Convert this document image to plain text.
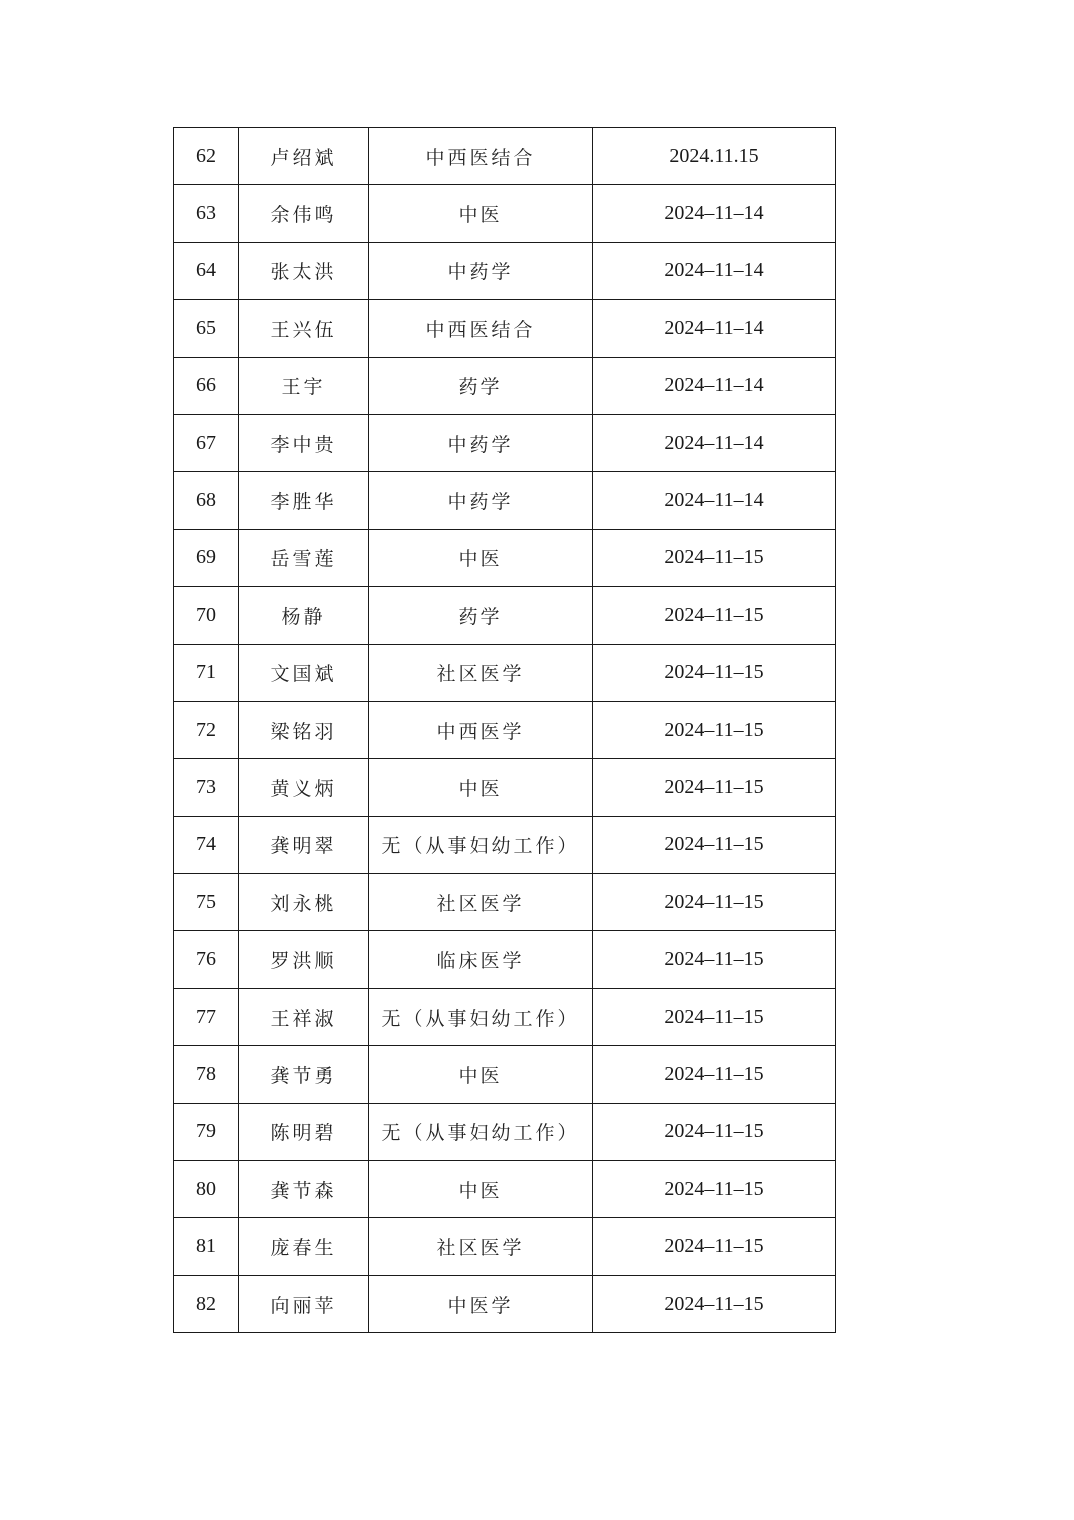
62	卢绍斌	中西医结合	2024.11.15
63	余伟鸣	中医	2024–11–14
64	张太洪	中药学	2024–11–14
65	王兴伍	中西医结合	2024–11–14
66	王宇	药学	2024–11–14
67	李中贵	中药学	2024–11–14
68	李胜华	中药学	2024–11–14
69	岳雪莲	中医	2024–11–15
70	杨静	药学	2024–11–15
71	文国斌	社区医学	2024–11–15
72	梁铭羽	中西医学	2024–11–15
73	黄义炳	中医	2024–11–15
74	龚明翠	无（从事妇幼工作）	2024–11–15
75	刘永桃	社区医学	2024–11–15
76	罗洪顺	临床医学	2024–11–15
77	王祥淑	无（从事妇幼工作）	2024–11–15
78	龚节勇	中医	2024–11–15
79	陈明碧	无（从事妇幼工作）	2024–11–15
80	龚节森	中医	2024–11–15
81	庞春生	社区医学	2024–11–15
82	向丽苹	中医学	2024–11–15
